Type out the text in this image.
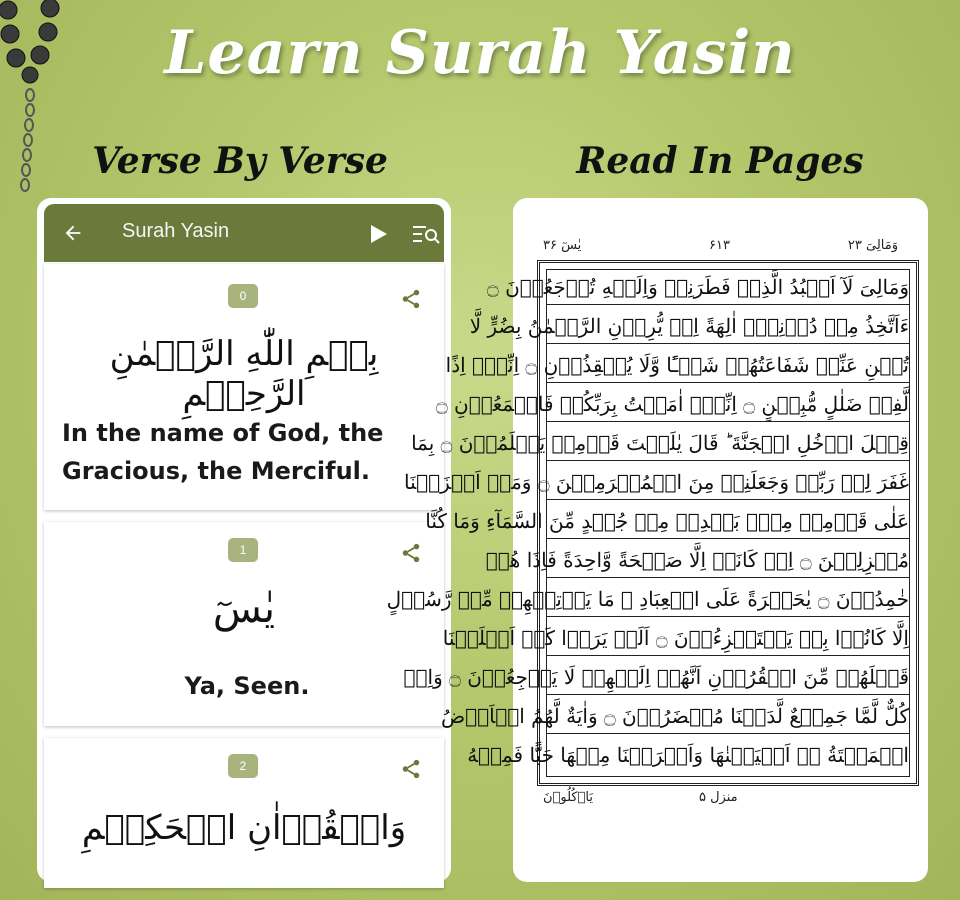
Learn Surah Yasin
Verse By Verse	Read In Pages
Surah Yasin
0
بِسۡمِ اللّٰهِ الرَّحۡمٰنِ الرَّحِيۡمِ
In the name of God, the Gracious, the Merciful.
1
يٰسٓ
Ya, Seen.
2
وَالۡقُرۡاٰنِ الۡحَكِيۡمِ
یٰسٓ ۳۶	۶۱۳	وَمَالِیَ ۲۳
وَمَالِیَ لَآ اَعۡبُدُ الَّذِیۡ فَطَرَنِیۡ وَاِلَیۡهِ تُرۡجَعُوۡنَ ۝
ءَاَتَّخِذُ مِنۡ دُوۡنِهٖۤ اٰلِهَةً اِنۡ یُّرِدۡنِ الرَّحۡمٰنُ بِضُرٍّ لَّا
تُغۡنِ عَنِّیۡ شَفَاعَتُهُمۡ شَیۡـًٔا وَّلَا یُنۡقِذُوۡنِ ۝ اِنِّیۡۤ اِذًا
لَّفِیۡ ضَلٰلٍ مُّبِیۡنٍ ۝ اِنِّیۡۤ اٰمَنۡتُ بِرَبِّكُمۡ فَاسۡمَعُوۡنِ ۝
قِیۡلَ ادۡخُلِ الۡجَنَّةَ ؕ قَالَ یٰلَیۡتَ قَوۡمِیۡ یَعۡلَمُوۡنَ ۝ بِمَا
غَفَرَ لِیۡ رَبِّیۡ وَجَعَلَنِیۡ مِنَ الۡمُكۡرَمِیۡنَ ۝ وَمَاۤ اَنۡزَلۡنَا
عَلٰی قَوۡمِهٖ مِنۡۢ بَعۡدِهٖ مِنۡ جُنۡدٍ مِّنَ السَّمَآءِ وَمَا كُنَّا
مُنۡزِلِیۡنَ ۝ اِنۡ كَانَتۡ اِلَّا صَیۡحَةً وَّاحِدَةً فَاِذَا هُمۡ
خٰمِدُوۡنَ ۝ یٰحَسۡرَةً عَلَی الۡعِبَادِ ۚ مَا یَاۡتِیۡهِمۡ مِّنۡ رَّسُوۡلٍ
اِلَّا كَانُوۡا بِهٖ یَسۡتَهۡزِءُوۡنَ ۝ اَلَمۡ یَرَوۡا كَمۡ اَهۡلَكۡنَا
قَبۡلَهُمۡ مِّنَ الۡقُرُوۡنِ اَنَّهُمۡ اِلَیۡهِمۡ لَا یَرۡجِعُوۡنَ ۝ وَاِنۡ
كُلٌّ لَّمَّا جَمِیۡعٌ لَّدَیۡنَا مُحۡضَرُوۡنَ ۝ وَاٰیَةٌ لَّهُمُ الۡاَرۡضُ
الۡمَیۡتَةُ ۖۚ اَحۡیَیۡنٰهَا وَاَخۡرَجۡنَا مِنۡهَا حَبًّا فَمِنۡهُ
یَاۡكُلُوۡنَ	منزل ۵
